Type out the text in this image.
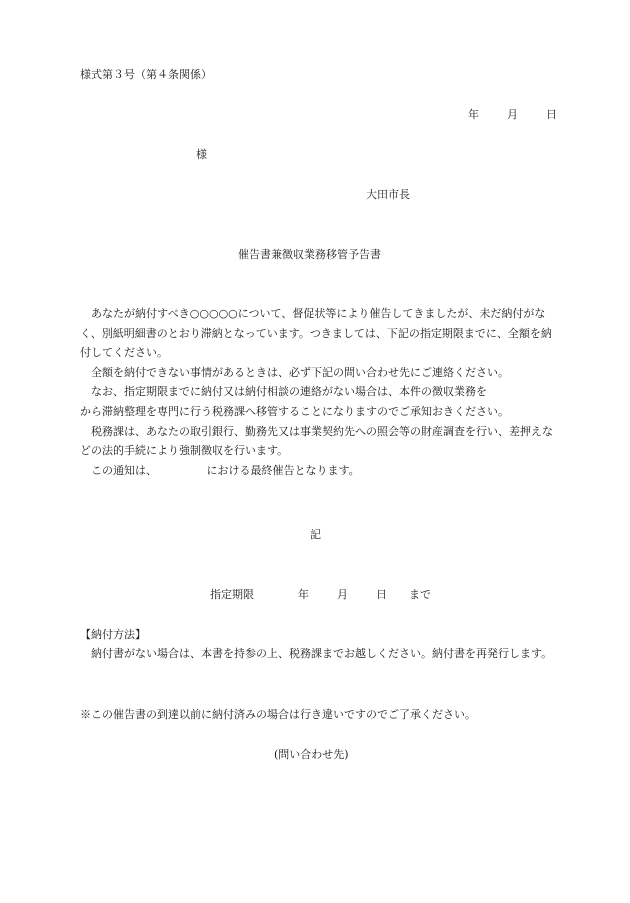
様式第３号（第４条関係）
年	月	日
様
大田市長
催告書兼徴収業務移管予告書

あなたが納付すべき○○○○○について、督促状等により催告してきましたが、未だ納付がなく、別紙明細書のとおり滞納となっています。つきましては、下記の指定期限までに、全額を納付してください。

全額を納付できない事情があるときは、必ず下記の問い合わせ先にご連絡ください。

なお、指定期限までに納付又は納付相談の連絡がない場合は、本件の徴収業務を

から滞納整理を専門に行う税務課へ移管することになりますのでご承知おきください。

税務課は、あなたの取引銀行、勤務先又は事業契約先への照会等の財産調査を行い、差押えなどの法的手続により強制徴収を行います。

この通知は、　　　　　における最終催告となります。

記
指定期限	年	月	日 まで
【納付方法】
納付書がない場合は、本書を持参の上、税務課までお越しください。納付書を再発行します。
※この催告書の到達以前に納付済みの場合は行き違いですのでご了承ください。
(問い合わせ先)
